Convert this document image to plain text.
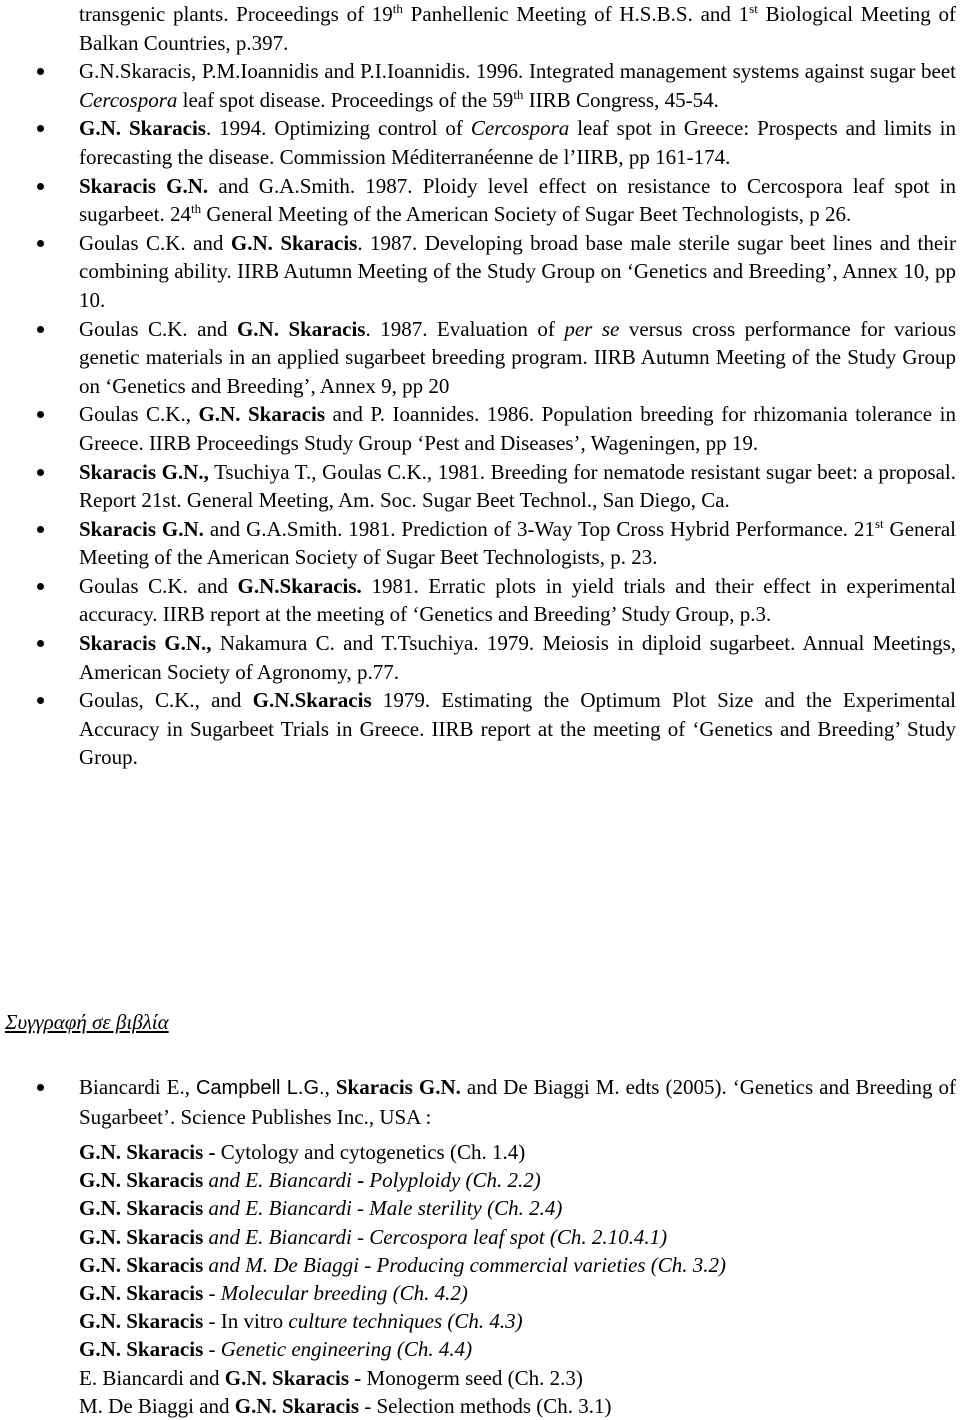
transgenic plants. Proceedings of 19th Panhellenic Meeting of H.S.B.S. and 1st Biological Meeting of Balkan Countries, p.397.
G.N.Skaracis, P.M.Ioannidis and P.I.Ioannidis. 1996. Integrated management systems against sugar beet Cercospora leaf spot disease. Proceedings of the 59th IIRB Congress, 45-54.
G.N. Skaracis. 1994. Optimizing control of Cercospora leaf spot in Greece: Prospects and limits in forecasting the disease. Commission Méditerranéenne de l’IIRB, pp 161-174.
Skaracis G.N. and G.A.Smith. 1987. Ploidy level effect on resistance to Cercospora leaf spot in sugarbeet. 24th General Meeting of the American Society of Sugar Beet Technologists, p 26.
Goulas C.K. and G.N. Skaracis. 1987. Developing broad base male sterile sugar beet lines and their combining ability. IIRB Autumn Meeting of the Study Group on ‘Genetics and Breeding’, Annex 10, pp 10.
Goulas C.K. and G.N. Skaracis. 1987. Evaluation of per se versus cross performance for various genetic materials in an applied sugarbeet breeding program. IIRB Autumn Meeting of the Study Group on ‘Genetics and Breeding’, Annex 9, pp 20
Goulas C.K., G.N. Skaracis and P. Ioannides. 1986. Population breeding for rhizomania tolerance in Greece. IIRB Proceedings Study Group ‘Pest and Diseases’, Wageningen, pp 19.
Skaracis G.N., Tsuchiya T., Goulas C.K., 1981. Breeding for nematode resistant sugar beet: a proposal. Report 21st. General Meeting, Am. Soc. Sugar Beet Technol., San Diego, Ca.
Skaracis G.N. and G.A.Smith. 1981. Prediction of 3-Way Top Cross Hybrid Performance. 21st General Meeting of the American Society of Sugar Beet Technologists, p. 23.
Goulas C.K. and G.N.Skaracis. 1981. Erratic plots in yield trials and their effect in experimental accuracy. IIRB report at the meeting of ‘Genetics and Breeding’ Study Group, p.3.
Skaracis G.N., Nakamura C. and T.Tsuchiya. 1979. Meiosis in diploid sugarbeet. Annual Meetings, American Society of Agronomy, p.77.
Goulas, C.K., and G.N.Skaracis 1979. Estimating the Optimum Plot Size and the Experimental Accuracy in Sugarbeet Trials in Greece. IIRB report at the meeting of ‘Genetics and Breeding’ Study Group.
Συγγραφή σε βιβλία
Biancardi E., Campbell L.G., Skaracis G.N. and De Biaggi M. edts (2005). ‘Genetics and Breeding of Sugarbeet’. Science Publishes Inc., USA :
G.N. Skaracis - Cytology and cytogenetics (Ch. 1.4)
G.N. Skaracis and E. Biancardi - Polyploidy (Ch. 2.2)
G.N. Skaracis and E. Biancardi - Male sterility (Ch. 2.4)
G.N. Skaracis and E. Biancardi - Cercospora leaf spot (Ch. 2.10.4.1)
G.N. Skaracis and M. De Biaggi - Producing commercial varieties (Ch. 3.2)
G.N. Skaracis - Molecular breeding (Ch. 4.2)
G.N. Skaracis - In vitro culture techniques (Ch. 4.3)
G.N. Skaracis - Genetic engineering (Ch. 4.4)
E. Biancardi and G.N. Skaracis - Monogerm seed (Ch. 2.3)
M. De Biaggi and G.N. Skaracis - Selection methods (Ch. 3.1)
